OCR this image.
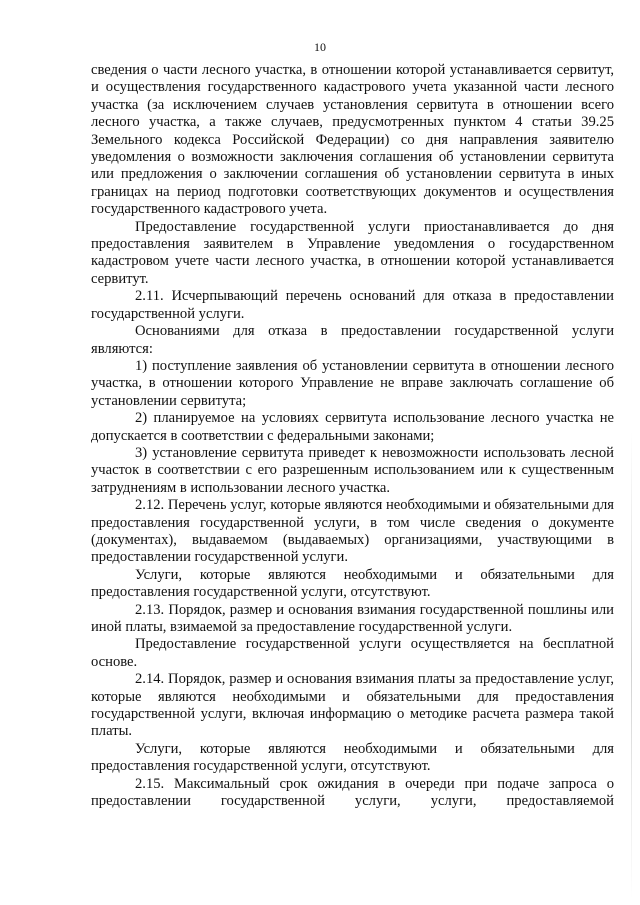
10

сведения о части лесного участка, в отношении которой устанавливается сервитут, и осуществления государственного кадастрового учета указанной части лесного участка (за исключением случаев установления сервитута в отношении всего лесного участка, а также случаев, предусмотренных пунктом 4 статьи 39.25 Земельного кодекса Российской Федерации) со дня направления заявителю уведомления о возможности заключения соглашения об установлении сервитута или предложения о заключении соглашения об установлении сервитута в иных границах на период подготовки соответствующих документов и осуществления государственного кадастрового учета.

Предоставление государственной услуги приостанавливается до дня предоставления заявителем в Управление уведомления о государственном кадастровом учете части лесного участка, в отношении которой устанавливается сервитут.

2.11. Исчерпывающий перечень оснований для отказа в предоставлении государственной услуги.

Основаниями для отказа в предоставлении государственной услуги являются:

1) поступление заявления об установлении сервитута в отношении лесного участка, в отношении которого Управление не вправе заключать соглашение об установлении сервитута;

2) планируемое на условиях сервитута использование лесного участка не допускается в соответствии с федеральными законами;

3) установление сервитута приведет к невозможности использовать лесной участок в соответствии с его разрешенным использованием или к существенным затруднениям в использовании лесного участка.

2.12. Перечень услуг, которые являются необходимыми и обязательными для предоставления государственной услуги, в том числе сведения о документе (документах), выдаваемом (выдаваемых) организациями, участвующими в предоставлении государственной услуги.

Услуги, которые являются необходимыми и обязательными для предоставления государственной услуги, отсутствуют.

2.13. Порядок, размер и основания взимания государственной пошлины или иной платы, взимаемой за предоставление государственной услуги.

Предоставление государственной услуги осуществляется на бесплатной основе.

2.14. Порядок, размер и основания взимания платы за предоставление услуг, которые являются необходимыми и обязательными для предоставления государственной услуги, включая информацию о методике расчета размера такой платы.

Услуги, которые являются необходимыми и обязательными для предоставления государственной услуги, отсутствуют.

2.15. Максимальный срок ожидания в очереди при подаче запроса о предоставлении государственной услуги, услуги, предоставляемой
